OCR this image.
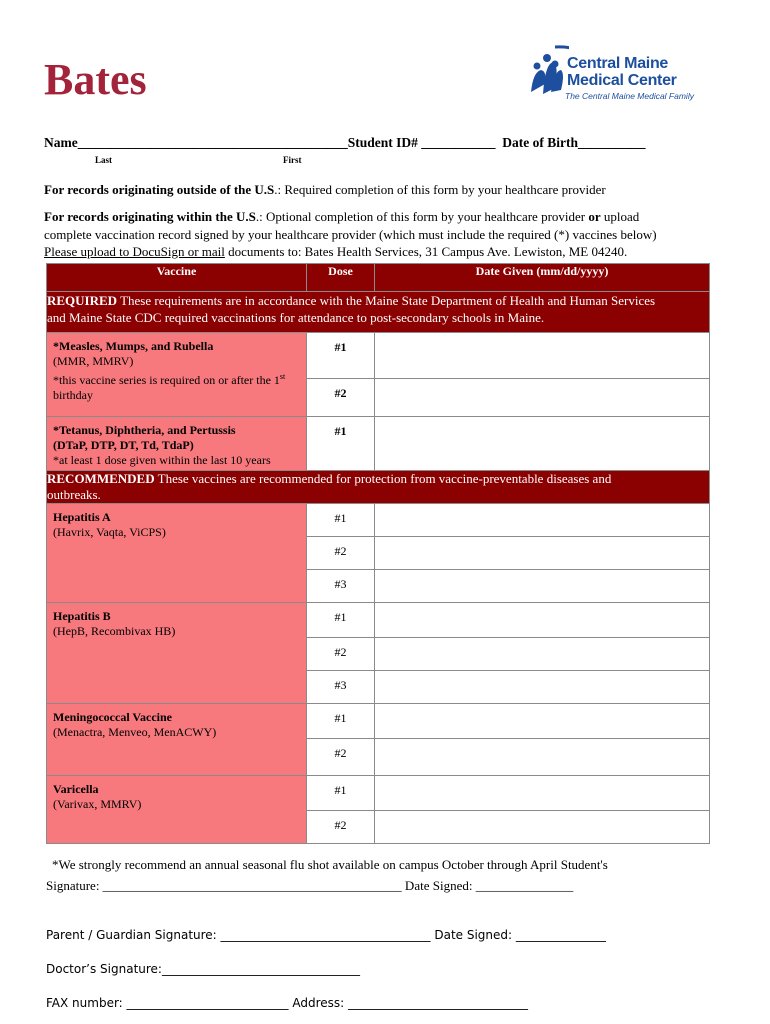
Bates	Central Maine
Medical Center
The Central Maine Medical Family
Name________________________________________Student ID# ___________ Date of Birth__________
Last	First
For records originating outside of the U.S.: Required completion of this form by your healthcare provider
For records originating within the U.S.: Optional completion of this form by your healthcare provider or upload
complete vaccination record signed by your healthcare provider (which must include the required (*) vaccines below)
Please upload to DocuSign or mail documents to: Bates Health Services, 31 Campus Ave. Lewiston, ME 04240.
Vaccine	Dose	Date Given (mm/dd/yyyy)
REQUIRED These requirements are in accordance with the Maine State Department of Health and Human Services
and Maine State CDC required vaccinations for attendance to post-secondary schools in Maine.		
*Measles, Mumps, and Rubella
(MMR, MMRV)
*this vaccine series is required on or after the 1st
birthday	#1	
	#2	
*Tetanus, Diphtheria, and Pertussis
(DTaP, DTP, DT, Td, TdaP)
*at least 1 dose given within the last 10 years	#1	
RECOMMENDED These vaccines are recommended for protection from vaccine-preventable diseases and
outbreaks.		
Hepatitis A
(Havrix, Vaqta, ViCPS)	#1	
	#2	
	#3	
Hepatitis B
(HepB, Recombivax HB)	#1	
	#2	
	#3	
Meningococcal Vaccine
(Menactra, Menveo, MenACWY)	#1	
	#2	
Varicella
(Varivax, MMRV)	#1	
	#2	
*We strongly recommend an annual seasonal flu shot available on campus October through April Student's
Signature: ______________________________________________ Date Signed: _______________
Parent / Guardian Signature: ___________________________________ Date Signed: _______________
Doctor’s Signature:_________________________________
FAX number: ___________________________ Address: ______________________________
